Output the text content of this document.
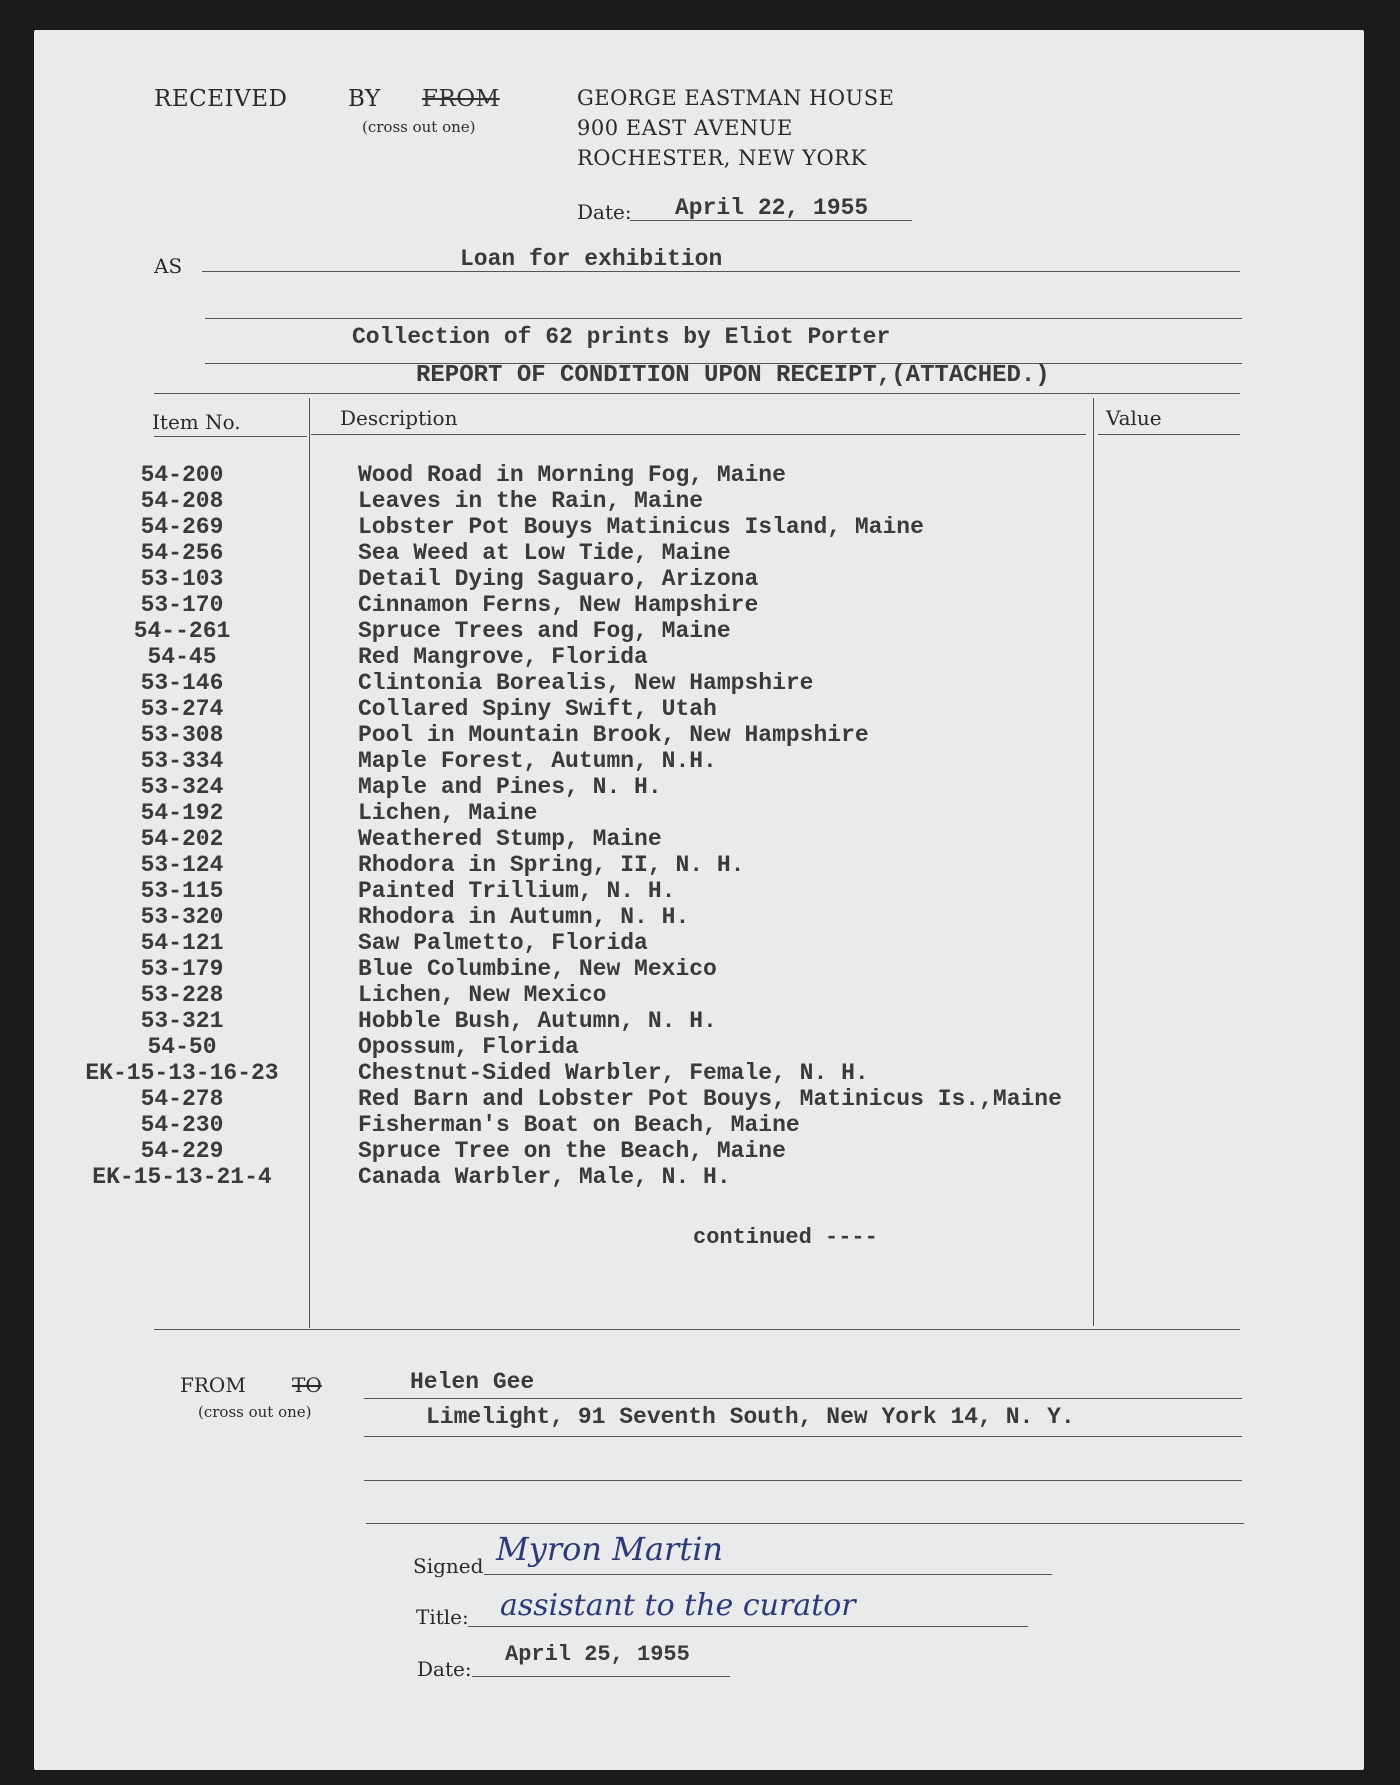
RECEIVED	BY FROM
(cross out one)
GEORGE EASTMAN HOUSE
900 EAST AVENUE
ROCHESTER, NEW YORK
Date: April 22, 1955
AS	Loan for exhibition
Collection of 62 prints by Eliot Porter
REPORT OF CONDITION UPON RECEIPT,(ATTACHED.)
Item No.	Description	Value
54-200	Wood Road in Morning Fog, Maine
54-208	Leaves in the Rain, Maine
54-269	Lobster Pot Bouys Matinicus Island, Maine
54-256	Sea Weed at Low Tide, Maine
53-103	Detail Dying Saguaro, Arizona
53-170	Cinnamon Ferns, New Hampshire
54--261	Spruce Trees and Fog, Maine
54-45	Red Mangrove, Florida
53-146	Clintonia Borealis, New Hampshire
53-274	Collared Spiny Swift, Utah
53-308	Pool in Mountain Brook, New Hampshire
53-334	Maple Forest, Autumn, N.H.
53-324	Maple and Pines, N. H.
54-192	Lichen, Maine
54-202	Weathered Stump, Maine
53-124	Rhodora in Spring, II, N. H.
53-115	Painted Trillium, N. H.
53-320	Rhodora in Autumn, N. H.
54-121	Saw Palmetto, Florida
53-179	Blue Columbine, New Mexico
53-228	Lichen, New Mexico
53-321	Hobble Bush, Autumn, N. H.
54-50	Opossum, Florida
EK-15-13-16-23	Chestnut-Sided Warbler, Female, N. H.
54-278	Red Barn and Lobster Pot Bouys, Matinicus Is.,Maine
54-230	Fisherman's Boat on Beach, Maine
54-229	Spruce Tree on the Beach, Maine
EK-15-13-21-4	Canada Warbler, Male, N. H.
continued ----
FROM TO
(cross out one)
Helen Gee
Limelight, 91 Seventh South, New York 14, N. Y.
Signed Myron Martin
Title: assistant to the curator
Date:
April 25, 1955
